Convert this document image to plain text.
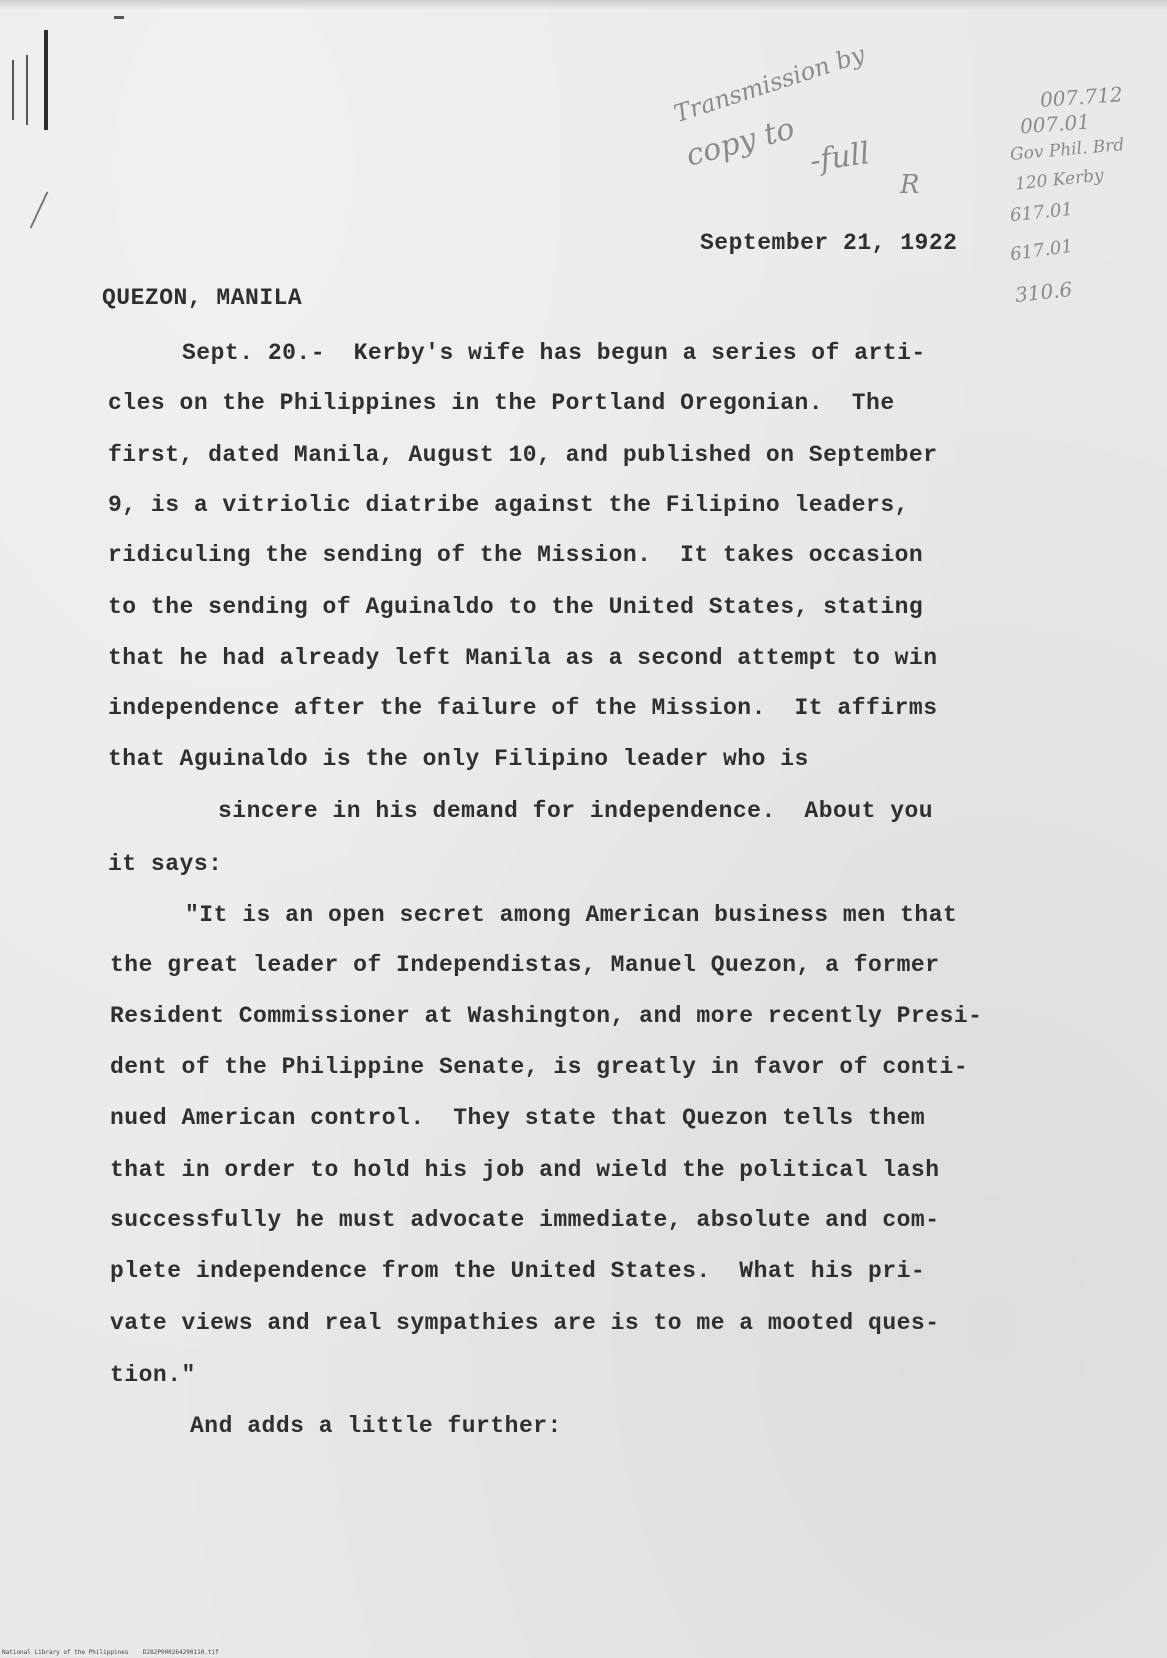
Transmission by
copy to -full
R
007.712
007.01
Gov Phil. Brd
120 Kerby
617.01
617.01
310.6
September 21, 1922
QUEZON, MANILA
Sept. 20.-  Kerby's wife has begun a series of arti-
cles on the Philippines in the Portland Oregonian.  The
first, dated Manila, August 10, and published on September
9, is a vitriolic diatribe against the Filipino leaders,
ridiculing the sending of the Mission.  It takes occasion
to the sending of Aguinaldo to the United States, stating
that he had already left Manila as a second attempt to win
independence after the failure of the Mission.  It affirms
that Aguinaldo is the only Filipino leader who is
sincere in his demand for independence.  About you
it says:
"It is an open secret among American business men that
the great leader of Independistas, Manuel Quezon, a former
Resident Commissioner at Washington, and more recently Presi-
dent of the Philippine Senate, is greatly in favor of conti-
nued American control.  They state that Quezon tells them
that in order to hold his job and wield the political lash
successfully he must advocate immediate, absolute and com-
plete independence from the United States.  What his pri-
vate views and real sympathies are is to me a mooted ques-
tion."
And adds a little further:
National Library of the Philippines D282P000264290110.tif
